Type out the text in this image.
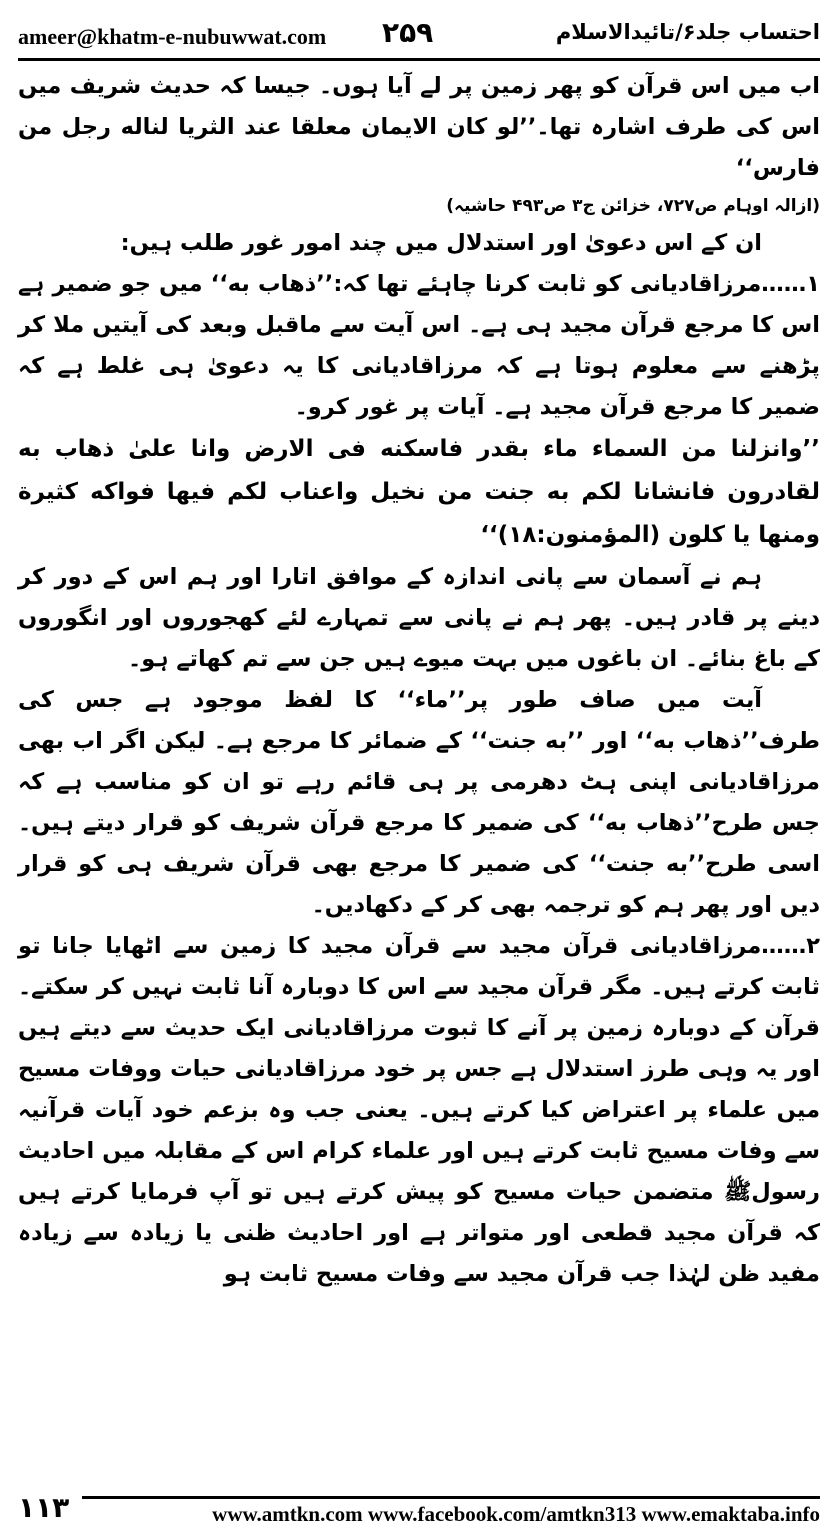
ameer@khatm-e-nubuwwat.com ۲۵۹	احتساب جلد۶/تائیدالاسلام

اب میں اس قرآن کو پھر زمین پر لے آیا ہوں۔ جیسا کہ حدیث شریف میں اس کی طرف اشارہ تھا۔’’لو کان الایمان معلقا عند الثریا لناله رجل من فارس‘‘

(ازالہ اوہام ص۷۲۷، خزائن ج۳ ص۴۹۳ حاشیہ)

ان کے اس دعویٰ اور استدلال میں چند امور غور طلب ہیں:

۱……مرزاقادیانی کو ثابت کرنا چاہئے تھا کہ:’’ذھاب به‘‘ میں جو ضمیر ہے اس کا مرجع قرآن مجید ہی ہے۔ اس آیت سے ماقبل وبعد کی آیتیں ملا کر پڑھنے سے معلوم ہوتا ہے کہ مرزاقادیانی کا یہ دعویٰ ہی غلط ہے کہ ضمیر کا مرجع قرآن مجید ہے۔ آیات پر غور کرو۔

’’وانزلنا من السماء ماء بقدر فاسكنه فى الارض وانا علىٰ ذهاب به لقادرون فانشانا لكم به جنت من نخيل واعناب لكم فيها فواكه كثيرة ومنها يا كلون (المؤمنون:۱۸)‘‘

ہم نے آسمان سے پانی اندازہ کے موافق اتارا اور ہم اس کے دور کر دینے پر قادر ہیں۔ پھر ہم نے پانی سے تمہارے لئے کھجوروں اور انگوروں کے باغ بنائے۔ ان باغوں میں بہت میوے ہیں جن سے تم کھاتے ہو۔

آیت میں صاف طور پر’’ماء‘‘ کا لفظ موجود ہے جس کی طرف’’ذھاب به‘‘ اور ’’به جنت‘‘ کے ضمائر کا مرجع ہے۔ لیکن اگر اب بھی مرزاقادیانی اپنی ہٹ دھرمی پر ہی قائم رہے تو ان کو مناسب ہے کہ جس طرح’’ذھاب به‘‘ کی ضمیر کا مرجع قرآن شریف کو قرار دیتے ہیں۔ اسی طرح’’به جنت‘‘ کی ضمیر کا مرجع بھی قرآن شریف ہی کو قرار دیں اور پھر ہم کو ترجمہ بھی کر کے دکھادیں۔

۲……مرزاقادیانی قرآن مجید سے قرآن مجید کا زمین سے اٹھایا جانا تو ثابت کرتے ہیں۔ مگر قرآن مجید سے اس کا دوبارہ آنا ثابت نہیں کر سکتے۔ قرآن کے دوبارہ زمین پر آنے کا ثبوت مرزاقادیانی ایک حدیث سے دیتے ہیں اور یہ وہی طرز استدلال ہے جس پر خود مرزاقادیانی حیات ووفات مسیح میں علماء پر اعتراض کیا کرتے ہیں۔ یعنی جب وہ بزعم خود آیات قرآنیہ سے وفات مسیح ثابت کرتے ہیں اور علماء کرام اس کے مقابلہ میں احادیث رسولﷺ متضمن حیات مسیح کو پیش کرتے ہیں تو آپ فرمایا کرتے ہیں کہ قرآن مجید قطعی اور متواتر ہے اور احادیث ظنی یا زیادہ سے زیادہ مفید ظن لہٰذا جب قرآن مجید سے وفات مسیح ثابت ہو

۱۱۳	www.amtkn.com www.facebook.com/amtkn313 www.emaktaba.info
